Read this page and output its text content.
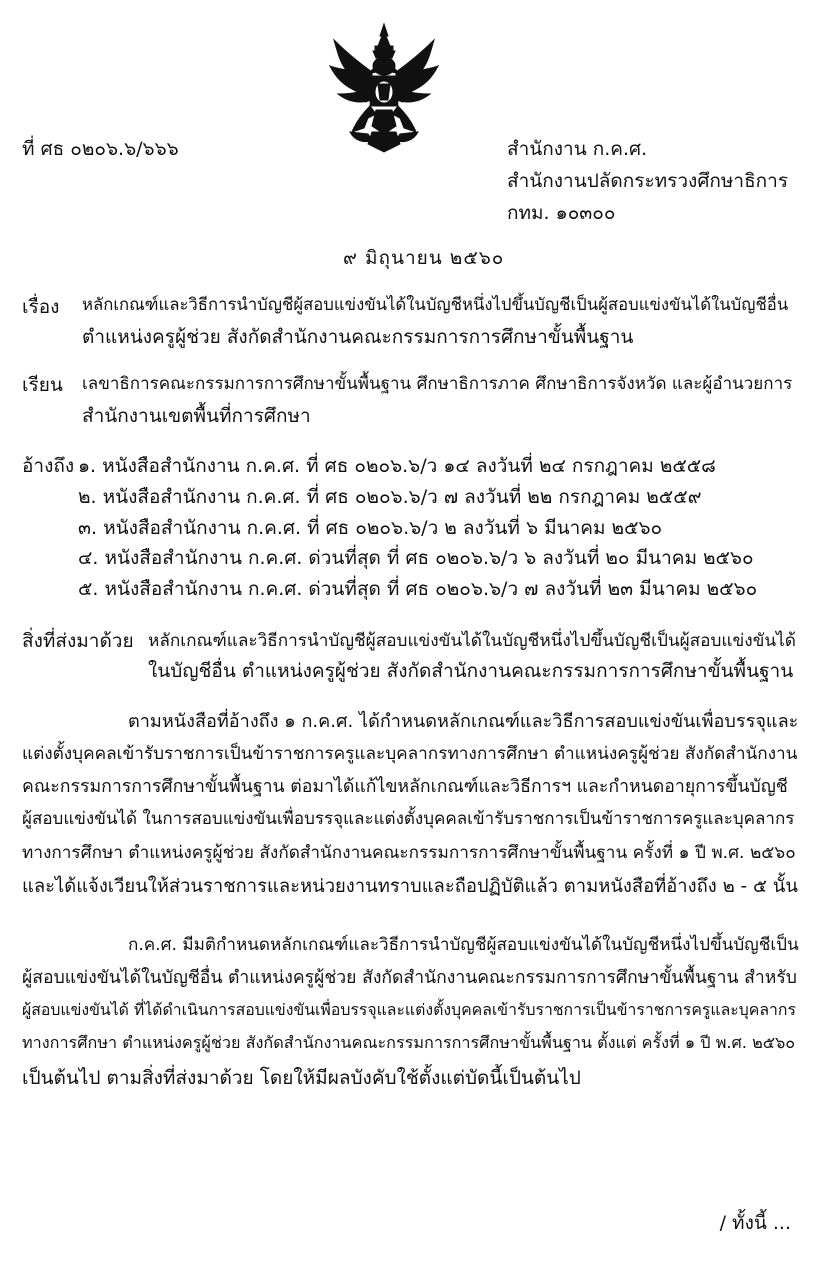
ที่ ศธ ๐๒๐๖.๖/๖๖๖	สำนักงาน ก.ค.ศ.
สำนักงานปลัดกระทรวงศึกษาธิการ
กทม. ๑๐๓๐๐
๙ มิถุนายน ๒๕๖๐
เรื่อง หลักเกณฑ์และวิธีการนำบัญชีผู้สอบแข่งขันได้ในบัญชีหนึ่งไปขึ้นบัญชีเป็นผู้สอบแข่งขันได้ในบัญชีอื่น
ตำแหน่งครูผู้ช่วย สังกัดสำนักงานคณะกรรมการการศึกษาขั้นพื้นฐาน
เรียน เลขาธิการคณะกรรมการการศึกษาขั้นพื้นฐาน ศึกษาธิการภาค ศึกษาธิการจังหวัด และผู้อำนวยการ
สำนักงานเขตพื้นที่การศึกษา
อ้างถึง ๑. หนังสือสำนักงาน ก.ค.ศ. ที่ ศธ ๐๒๐๖.๖/ว ๑๔ ลงวันที่ ๒๔ กรกฎาคม ๒๕๕๘
๒. หนังสือสำนักงาน ก.ค.ศ. ที่ ศธ ๐๒๐๖.๖/ว ๗ ลงวันที่ ๒๒ กรกฎาคม ๒๕๕๙
๓. หนังสือสำนักงาน ก.ค.ศ. ที่ ศธ ๐๒๐๖.๖/ว ๒ ลงวันที่ ๖ มีนาคม ๒๕๖๐
๔. หนังสือสำนักงาน ก.ค.ศ. ด่วนที่สุด ที่ ศธ ๐๒๐๖.๖/ว ๖ ลงวันที่ ๒๐ มีนาคม ๒๕๖๐
๕. หนังสือสำนักงาน ก.ค.ศ. ด่วนที่สุด ที่ ศธ ๐๒๐๖.๖/ว ๗ ลงวันที่ ๒๓ มีนาคม ๒๕๖๐
สิ่งที่ส่งมาด้วย หลักเกณฑ์และวิธีการนำบัญชีผู้สอบแข่งขันได้ในบัญชีหนึ่งไปขึ้นบัญชีเป็นผู้สอบแข่งขันได้
ในบัญชีอื่น ตำแหน่งครูผู้ช่วย สังกัดสำนักงานคณะกรรมการการศึกษาขั้นพื้นฐาน
ตามหนังสือที่อ้างถึง ๑ ก.ค.ศ. ได้กำหนดหลักเกณฑ์และวิธีการสอบแข่งขันเพื่อบรรจุและ
แต่งตั้งบุคคลเข้ารับราชการเป็นข้าราชการครูและบุคลากรทางการศึกษา ตำแหน่งครูผู้ช่วย สังกัดสำนักงาน
คณะกรรมการการศึกษาขั้นพื้นฐาน ต่อมาได้แก้ไขหลักเกณฑ์และวิธีการฯ และกำหนดอายุการขึ้นบัญชี
ผู้สอบแข่งขันได้ ในการสอบแข่งขันเพื่อบรรจุและแต่งตั้งบุคคลเข้ารับราชการเป็นข้าราชการครูและบุคลากร
ทางการศึกษา ตำแหน่งครูผู้ช่วย สังกัดสำนักงานคณะกรรมการการศึกษาขั้นพื้นฐาน ครั้งที่ ๑ ปี พ.ศ. ๒๕๖๐
และได้แจ้งเวียนให้ส่วนราชการและหน่วยงานทราบและถือปฏิบัติแล้ว ตามหนังสือที่อ้างถึง ๒ - ๕ นั้น
ก.ค.ศ. มีมติกำหนดหลักเกณฑ์และวิธีการนำบัญชีผู้สอบแข่งขันได้ในบัญชีหนึ่งไปขึ้นบัญชีเป็น
ผู้สอบแข่งขันได้ในบัญชีอื่น ตำแหน่งครูผู้ช่วย สังกัดสำนักงานคณะกรรมการการศึกษาขั้นพื้นฐาน สำหรับ
ผู้สอบแข่งขันได้ ที่ได้ดำเนินการสอบแข่งขันเพื่อบรรจุและแต่งตั้งบุคคลเข้ารับราชการเป็นข้าราชการครูและบุคลากร
ทางการศึกษา ตำแหน่งครูผู้ช่วย สังกัดสำนักงานคณะกรรมการการศึกษาขั้นพื้นฐาน ตั้งแต่ ครั้งที่ ๑ ปี พ.ศ. ๒๕๖๐
เป็นต้นไป ตามสิ่งที่ส่งมาด้วย โดยให้มีผลบังคับใช้ตั้งแต่บัดนี้เป็นต้นไป
/ ทั้งนี้ ...
